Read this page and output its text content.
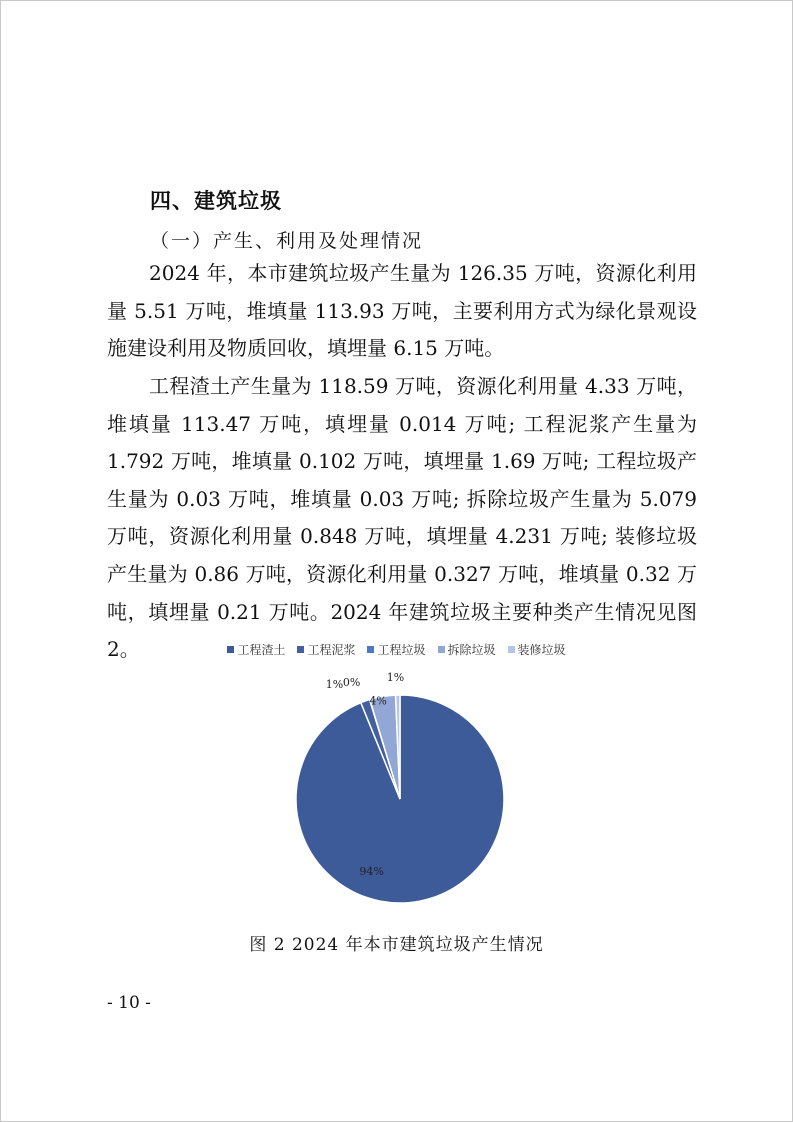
四、建筑垃圾
（一）产生、利用及处理情况

2024 年，本市建筑垃圾产生量为 126.35 万吨，资源化利用量 5.51 万吨，堆填量 113.93 万吨，主要利用方式为绿化景观设施建设利用及物质回收，填埋量 6.15 万吨。

工程渣土产生量为 118.59 万吨，资源化利用量 4.33 万吨，堆填量 113.47 万吨，填埋量 0.014 万吨; 工程泥浆产生量为 1.792 万吨，堆填量 0.102 万吨，填埋量 1.69 万吨; 工程垃圾产生量为 0.03 万吨，堆填量 0.03 万吨; 拆除垃圾产生量为 5.079 万吨，资源化利用量 0.848 万吨，填埋量 4.231 万吨; 装修垃圾产生量为 0.86 万吨，资源化利用量 0.327 万吨，堆填量 0.32 万吨，填埋量 0.21 万吨。2024 年建筑垃圾主要种类产生情况见图 2。	工程渣土 工程泥浆 工程垃圾 拆除垃圾 装修垃圾
94%
1% 0%
4%
1%
图 2 2024 年本市建筑垃圾产生情况
- 10 -
